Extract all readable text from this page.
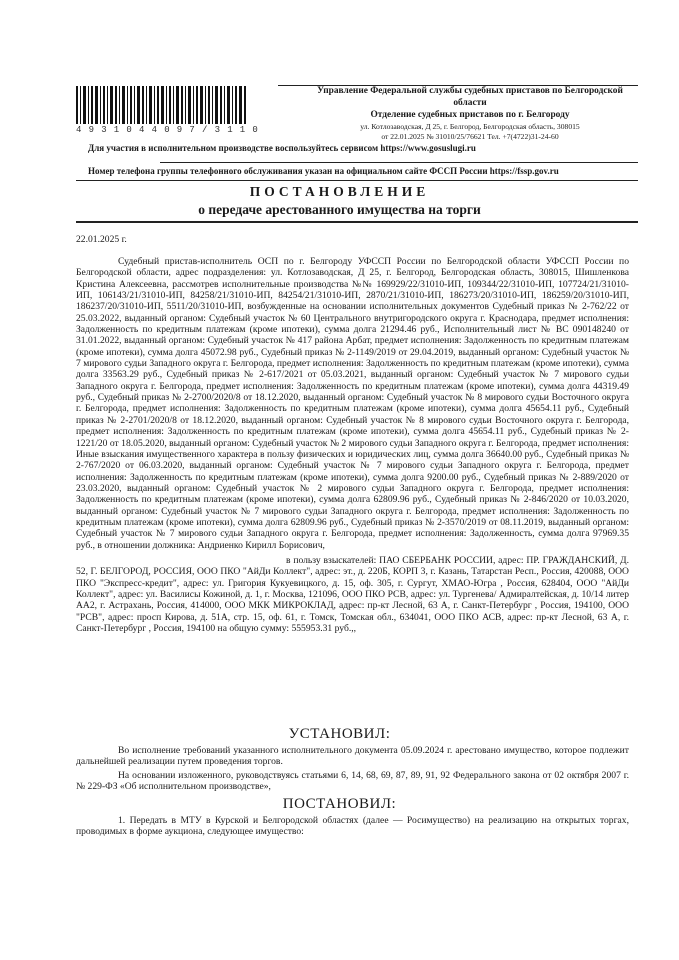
4931044097/3110
Управление Федеральной службы судебных приставов по Белгородской области
Отделение судебных приставов по г. Белгороду
ул. Котлозаводская, Д 25, г. Белгород, Белгородская область, 308015
от 22.01.2025 № 31010/25/76621 Тел. +7(4722)31-24-60
Для участия в исполнительном производстве воспользуйтесь сервисом https://www.gosuslugi.ru
Номер телефона группы телефонного обслуживания указан на официальном сайте ФССП России https://fssp.gov.ru
ПОСТАНОВЛЕНИЕ
о передаче арестованного имущества на торги
22.01.2025 г.

Судебный пристав-исполнитель ОСП по г. Белгороду УФССП России по Белгородской области УФССП России по Белгородской области, адрес подразделения: ул. Котлозаводская, Д 25, г. Белгород, Белгородская область, 308015, Шишленкова Кристина Алексеевна, рассмотрев исполнительные производства №№ 169929/22/31010-ИП, 109344/22/31010-ИП, 107724/21/31010-ИП, 106143/21/31010-ИП, 84258/21/31010-ИП, 84254/21/31010-ИП, 2870/21/31010-ИП, 186273/20/31010-ИП, 186259/20/31010-ИП, 186237/20/31010-ИП, 5511/20/31010-ИП, возбужденные на основании исполнительных документов Судебный приказ № 2-762/22 от 25.03.2022, выданный органом: Судебный участок № 60 Центрального внутригородского округа г. Краснодара, предмет исполнения: Задолженность по кредитным платежам (кроме ипотеки), сумма долга 21294.46 руб., Исполнительный лист № ВС 090148240 от 31.01.2022, выданный органом: Судебный участок № 417 района Арбат, предмет исполнения: Задолженность по кредитным платежам (кроме ипотеки), сумма долга 45072.98 руб., Судебный приказ № 2-1149/2019 от 29.04.2019, выданный органом: Судебный участок № 7 мирового судьи Западного округа г. Белгорода, предмет исполнения: Задолженность по кредитным платежам (кроме ипотеки), сумма долга 33563.29 руб., Судебный приказ № 2-617/2021 от 05.03.2021, выданный органом: Судебный участок № 7 мирового судьи Западного округа г. Белгорода, предмет исполнения: Задолженность по кредитным платежам (кроме ипотеки), сумма долга 44319.49 руб., Судебный приказ № 2-2700/2020/8 от 18.12.2020, выданный органом: Судебный участок № 8 мирового судьи Восточного округа г. Белгорода, предмет исполнения: Задолженность по кредитным платежам (кроме ипотеки), сумма долга 45654.11 руб., Судебный приказ № 2-2701/2020/8 от 18.12.2020, выданный органом: Судебный участок № 8 мирового судьи Восточного округа г. Белгорода, предмет исполнения: Задолженность по кредитным платежам (кроме ипотеки), сумма долга 45654.11 руб., Судебный приказ № 2-1221/20 от 18.05.2020, выданный органом: Судебный участок № 2 мирового судьи Западного округа г. Белгорода, предмет исполнения: Иные взыскания имущественного характера в пользу физических и юридических лиц, сумма долга 36640.00 руб., Судебный приказ № 2-767/2020 от 06.03.2020, выданный органом: Судебный участок № 7 мирового судьи Западного округа г. Белгорода, предмет исполнения: Задолженность по кредитным платежам (кроме ипотеки), сумма долга 9200.00 руб., Судебный приказ № 2-889/2020 от 23.03.2020, выданный органом: Судебный участок № 2 мирового судьи Западного округа г. Белгорода, предмет исполнения: Задолженность по кредитным платежам (кроме ипотеки), сумма долга 62809.96 руб., Судебный приказ № 2-846/2020 от 10.03.2020, выданный органом: Судебный участок № 7 мирового судьи Западного округа г. Белгорода, предмет исполнения: Задолженность по кредитным платежам (кроме ипотеки), сумма долга 62809.96 руб., Судебный приказ № 2-3570/2019 от 08.11.2019, выданный органом: Судебный участок № 7 мирового судьи Западного округа г. Белгорода, предмет исполнения: Задолженность, сумма долга 97969.35 руб., в отношении должника: Андриенко Кирилл Борисович,

в пользу взыскателей: ПАО СБЕРБАНК РОССИИ, адрес: ПР. ГРАЖДАНСКИЙ, Д. 52, Г. БЕЛГОРОД, РОССИЯ, ООО ПКО "АйДи Коллект", адрес: эт., д. 220Б, КОРП 3, г. Казань, Татарстан Респ., Россия, 420088, ООО ПКО "Экспресс-кредит", адрес: ул. Григория Кукуевицкого, д. 15, оф. 305, г. Сургут, ХМАО-Югра , Россия, 628404, ООО "АйДи Коллект", адрес: ул. Василисы Кожиной, д. 1, г. Москва, 121096, ООО ПКО РСВ, адрес: ул. Тургенева/ Адмиралтейская, д. 10/14 литер АА2, г. Астрахань, Россия, 414000, ООО МКК МИКРОКЛАД, адрес: пр-кт Лесной, 63 А, г. Санкт-Петербург , Россия, 194100, ООО "РСВ", адрес: просп Кирова, д. 51А, стр. 15, оф. 61, г. Томск, Томская обл., 634041, ООО ПКО АСВ, адрес: пр-кт Лесной, 63 А, г. Санкт-Петербург , Россия, 194100 на общую сумму: 555953.31 руб.,,

УСТАНОВИЛ:

Во исполнение требований указанного исполнительного документа 05.09.2024 г. арестовано имущество, которое подлежит дальнейшей реализации путем проведения торгов.

На основании изложенного, руководствуясь статьями 6, 14, 68, 69, 87, 89, 91, 92 Федерального закона от 02 октября 2007 г. № 229-ФЗ «Об исполнительном производстве»,

ПОСТАНОВИЛ:

1. Передать в МТУ в Курской и Белгородской областях (далее — Росимущество) на реализацию на открытых торгах, проводимых в форме аукциона, следующее имущество:
